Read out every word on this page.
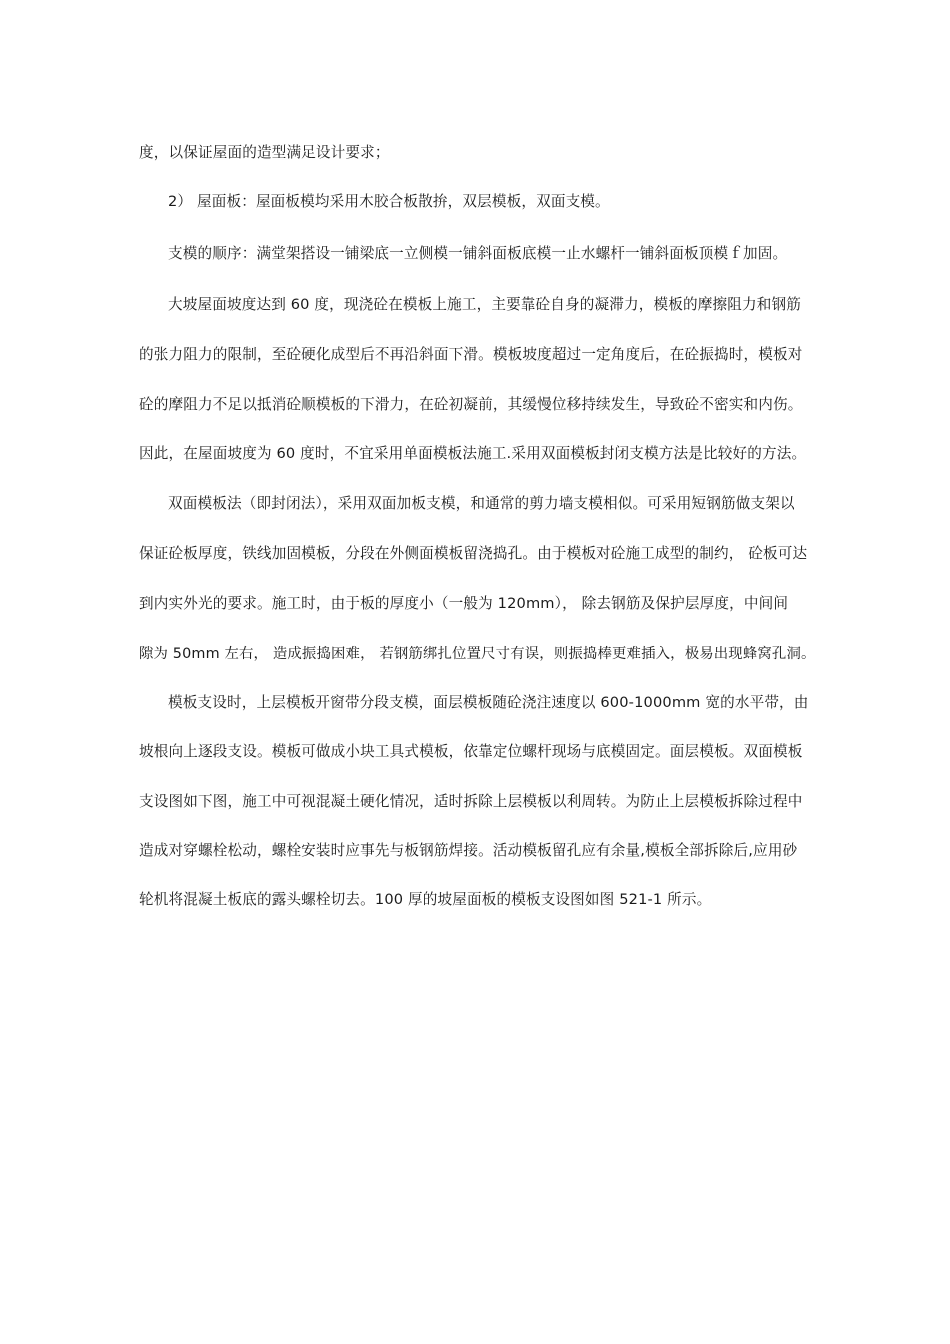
度，以保证屋面的造型满足设计要求；
2） 屋面板：屋面板模均采用木胶合板散拚，双层模板，双面支模。
支模的顺序：满堂架搭设一铺梁底一立侧模一铺斜面板底模一止水螺杆一铺斜面板顶模ｆ加固。
大坡屋面坡度达到 60 度，现浇砼在模板上施工，主要靠砼自身的凝滞力，模板的摩擦阻力和钢筋
的张力阻力的限制，至砼硬化成型后不再沿斜面下滑。模板坡度超过一定角度后，在砼振捣时，模板对
砼的摩阻力不足以抵消砼顺模板的下滑力，在砼初凝前，其缓慢位移持续发生，导致砼不密实和内伤。
因此，在屋面坡度为 60 度时，不宜采用单面模板法施工.采用双面模板封闭支模方法是比较好的方法。
双面模板法（即封闭法），采用双面加板支模，和通常的剪力墙支模相似。可采用短钢筋做支架以
保证砼板厚度，铁线加固模板，分段在外侧面模板留浇捣孔。由于模板对砼施工成型的制约， 砼板可达
到内实外光的要求。施工时，由于板的厚度小（一般为 120mm）， 除去钢筋及保护层厚度，中间间
隙为 50mm 左右， 造成振捣困难， 若钢筋绑扎位置尺寸有误，则振捣棒更难插入，极易出现蜂窝孔洞。
模板支设时，上层模板开窗带分段支模，面层模板随砼浇注速度以 600-1000mm 宽的水平带，由
坡根向上逐段支设。模板可做成小块工具式模板，依靠定位螺杆现场与底模固定。面层模板。双面模板
支设图如下图，施工中可视混凝土硬化情况，适时拆除上层模板以利周转。为防止上层模板拆除过程中
造成对穿螺栓松动，螺栓安装时应事先与板钢筋焊接。活动模板留孔应有余量,模板全部拆除后,应用砂
轮机将混凝土板底的露头螺栓切去。100 厚的坡屋面板的模板支设图如图 521-1 所示。
